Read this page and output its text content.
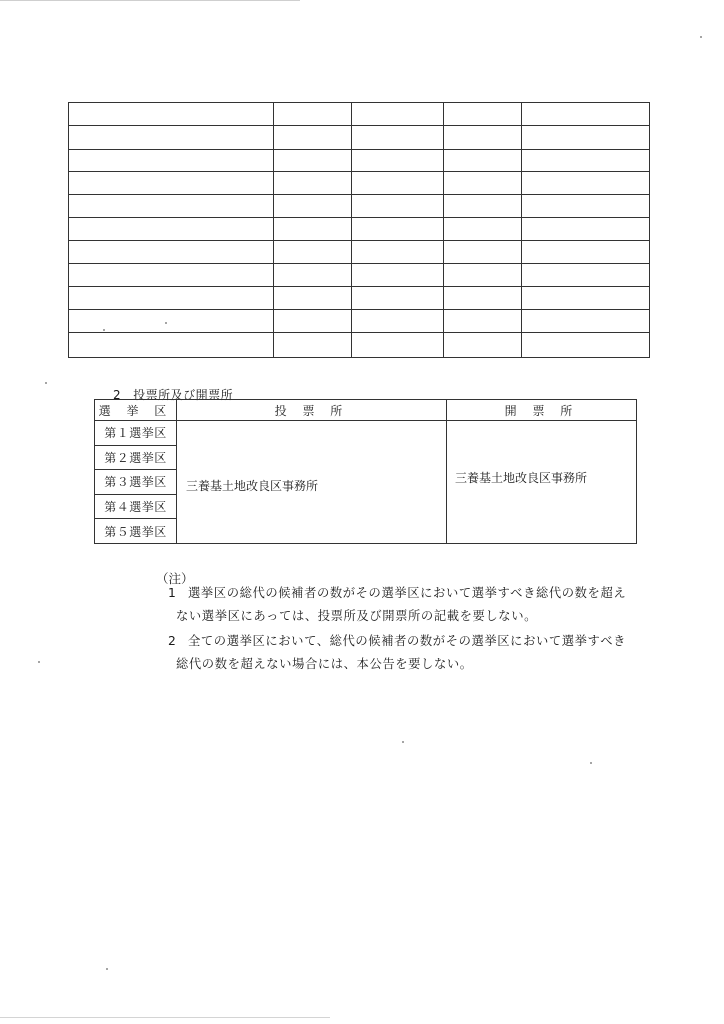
2 投票所及び開票所
選 挙 区	投 票 所	開 票 所
第１選挙区	三養基土地改良区事務所	三養基土地改良区事務所
第２選挙区		
第３選挙区		
第４選挙区		
第５選挙区		
（注）
1 選挙区の総代の候補者の数がその選挙区において選挙すべき総代の数を超え
ない選挙区にあっては、投票所及び開票所の記載を要しない。
2 全ての選挙区において、総代の候補者の数がその選挙区において選挙すべき
総代の数を超えない場合には、本公告を要しない。
